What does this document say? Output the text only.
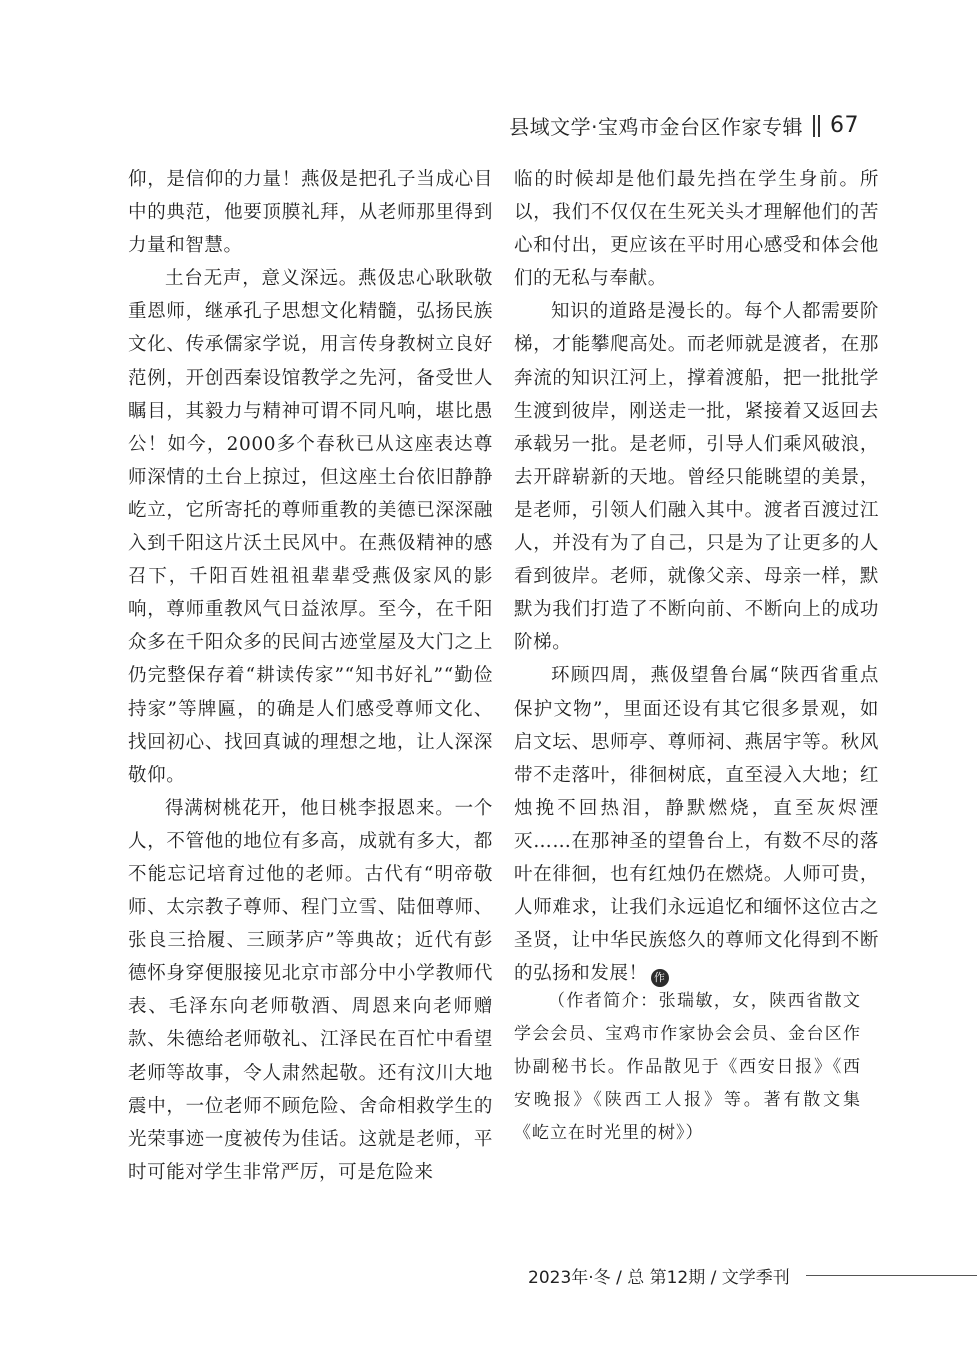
县域文学·宝鸡市金台区作家专辑 67

仰，是信仰的力量！燕伋是把孔子当成心目中的典范，他要顶膜礼拜，从老师那里得到力量和智慧。

土台无声，意义深远。燕伋忠心耿耿敬重恩师，继承孔子思想文化精髓，弘扬民族文化、传承儒家学说，用言传身教树立良好范例，开创西秦设馆教学之先河，备受世人瞩目，其毅力与精神可谓不同凡响，堪比愚公！如今，2000多个春秋已从这座表达尊师深情的土台上掠过，但这座土台依旧静静屹立，它所寄托的尊师重教的美德已深深融入到千阳这片沃土民风中。在燕伋精神的感召下，千阳百姓祖祖辈辈受燕伋家风的影响，尊师重教风气日益浓厚。至今，在千阳众多在千阳众多的民间古迹堂屋及大门之上仍完整保存着“耕读传家”“知书好礼”“勤俭持家”等牌匾，的确是人们感受尊师文化、找回初心、找回真诚的理想之地，让人深深敬仰。

得满树桃花开，他日桃李报恩来。一个人，不管他的地位有多高，成就有多大，都不能忘记培育过他的老师。古代有“明帝敬师、太宗教子尊师、程门立雪、陆佃尊师、张良三拾履、三顾茅庐”等典故；近代有彭德怀身穿便服接见北京市部分中小学教师代表、毛泽东向老师敬酒、周恩来向老师赠款、朱德给老师敬礼、江泽民在百忙中看望老师等故事，令人肃然起敬。还有汶川大地震中，一位老师不顾危险、舍命相救学生的光荣事迹一度被传为佳话。这就是老师，平时可能对学生非常严厉，可是危险来

临的时候却是他们最先挡在学生身前。所以，我们不仅仅在生死关头才理解他们的苦心和付出，更应该在平时用心感受和体会他们的无私与奉献。

知识的道路是漫长的。每个人都需要阶梯，才能攀爬高处。而老师就是渡者，在那奔流的知识江河上，撑着渡船，把一批批学生渡到彼岸，刚送走一批，紧接着又返回去承载另一批。是老师，引导人们乘风破浪，去开辟崭新的天地。曾经只能眺望的美景，是老师，引领人们融入其中。渡者百渡过江人，并没有为了自己，只是为了让更多的人看到彼岸。老师，就像父亲、母亲一样，默默为我们打造了不断向前、不断向上的成功阶梯。

环顾四周，燕伋望鲁台属“陕西省重点保护文物”，里面还设有其它很多景观，如启文坛、思师亭、尊师祠、燕居宇等。秋风带不走落叶，徘徊树底，直至浸入大地；红烛挽不回热泪，静默燃烧，直至灰烬湮灭……在那神圣的望鲁台上，有数不尽的落叶在徘徊，也有红烛仍在燃烧。人师可贵，人师难求，让我们永远追忆和缅怀这位古之圣贤，让中华民族悠久的尊师文化得到不断的弘扬和发展！ 作

（作者简介：张瑞敏，女，陕西省散文学会会员、宝鸡市作家协会会员、金台区作协副秘书长。作品散见于《西安日报》《西安晚报》《陕西工人报》等。著有散文集《屹立在时光里的树》）

2023年·冬 / 总 第12期 / 文学季刊
